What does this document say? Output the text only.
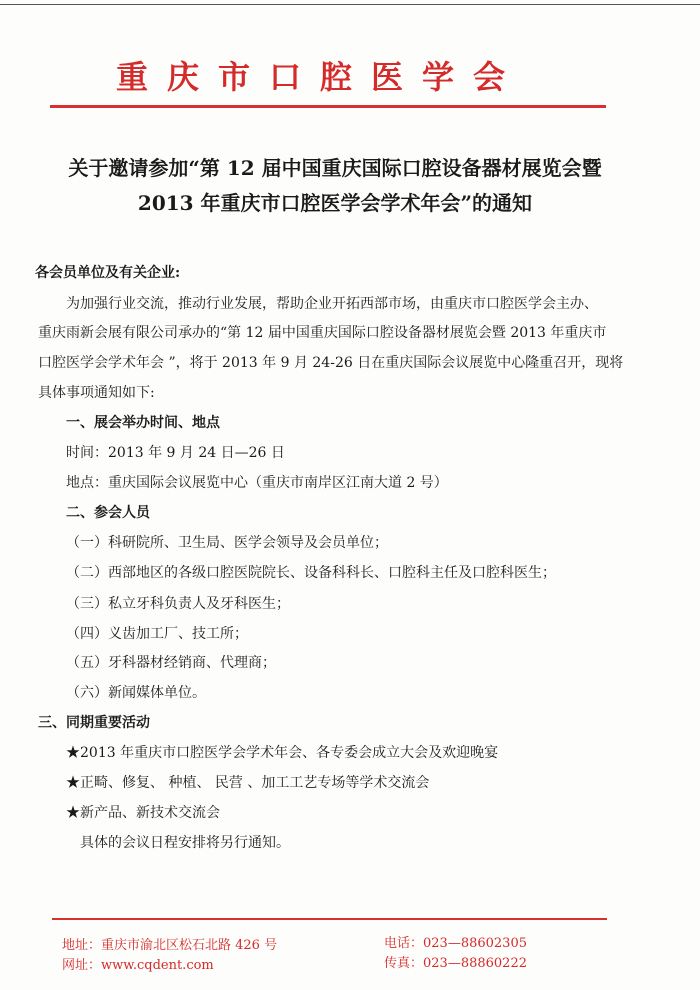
重庆市口腔医学会
关于邀请参加“第 12 届中国重庆国际口腔设备器材展览会暨
2013 年重庆市口腔医学会学术年会”的通知
各会员单位及有关企业:
为加强行业交流，推动行业发展，帮助企业开拓西部市场，由重庆市口腔医学会主办、
重庆雨新会展有限公司承办的“第 12 届中国重庆国际口腔设备器材展览会暨 2013 年重庆市
口腔医学会学术年会 ”，将于 2013 年 9 月 24-26 日在重庆国际会议展览中心隆重召开，现将
具体事项通知如下:
一、展会举办时间、地点
时间：2013 年 9 月 24 日—26 日
地点：重庆国际会议展览中心（重庆市南岸区江南大道 2 号）
二、参会人员
（一）科研院所、卫生局、医学会领导及会员单位；
（二）西部地区的各级口腔医院院长、设备科科长、口腔科主任及口腔科医生；
（三）私立牙科负责人及牙科医生；
（四）义齿加工厂、技工所；
（五）牙科器材经销商、代理商；
（六）新闻媒体单位。
三、同期重要活动
★2013 年重庆市口腔医学会学术年会、各专委会成立大会及欢迎晚宴
★正畸、修复、 种植、 民营 、加工工艺专场等学术交流会
★新产品、新技术交流会
具体的会议日程安排将另行通知。
地址：重庆市渝北区松石北路 426 号
网址：www.cqdent.com
电话：023—88602305
传真：023—88860222
